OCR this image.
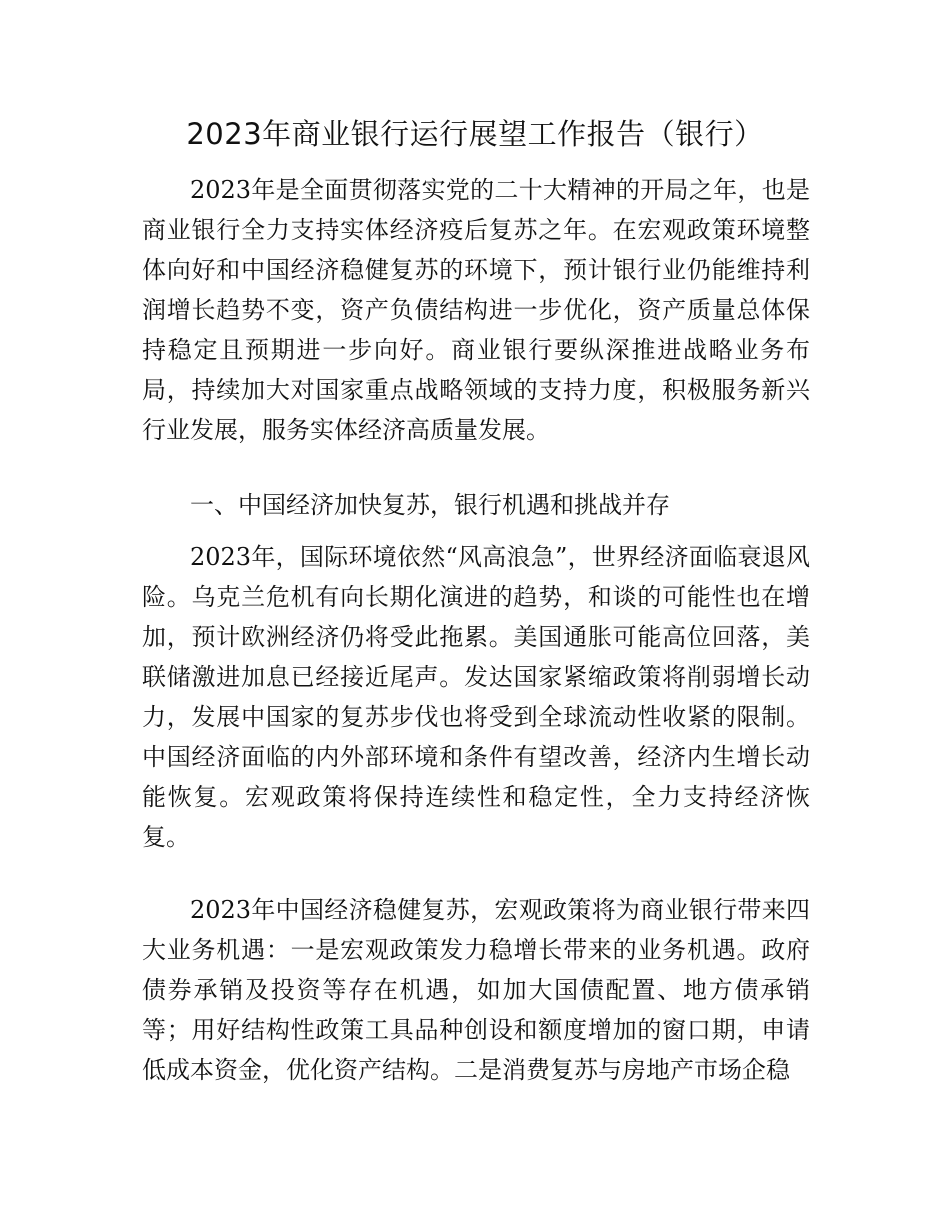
2023年商业银行运行展望工作报告（银行）

2023年是全面贯彻落实党的二十大精神的开局之年，也是商业银行全力支持实体经济疫后复苏之年。在宏观政策环境整体向好和中国经济稳健复苏的环境下，预计银行业仍能维持利润增长趋势不变，资产负债结构进一步优化，资产质量总体保持稳定且预期进一步向好。商业银行要纵深推进战略业务布局，持续加大对国家重点战略领域的支持力度，积极服务新兴行业发展，服务实体经济高质量发展。

一、中国经济加快复苏，银行机遇和挑战并存

2023年，国际环境依然“风高浪急”，世界经济面临衰退风险。乌克兰危机有向长期化演进的趋势，和谈的可能性也在增加，预计欧洲经济仍将受此拖累。美国通胀可能高位回落，美联储激进加息已经接近尾声。发达国家紧缩政策将削弱增长动力，发展中国家的复苏步伐也将受到全球流动性收紧的限制。中国经济面临的内外部环境和条件有望改善，经济内生增长动能恢复。宏观政策将保持连续性和稳定性，全力支持经济恢复。

2023年中国经济稳健复苏，宏观政策将为商业银行带来四大业务机遇：一是宏观政策发力稳增长带来的业务机遇。政府债券承销及投资等存在机遇，如加大国债配置、地方债承销等；用好结构性政策工具品种创设和额度增加的窗口期，申请低成本资金，优化资产结构。二是消费复苏与房地产市场企稳
